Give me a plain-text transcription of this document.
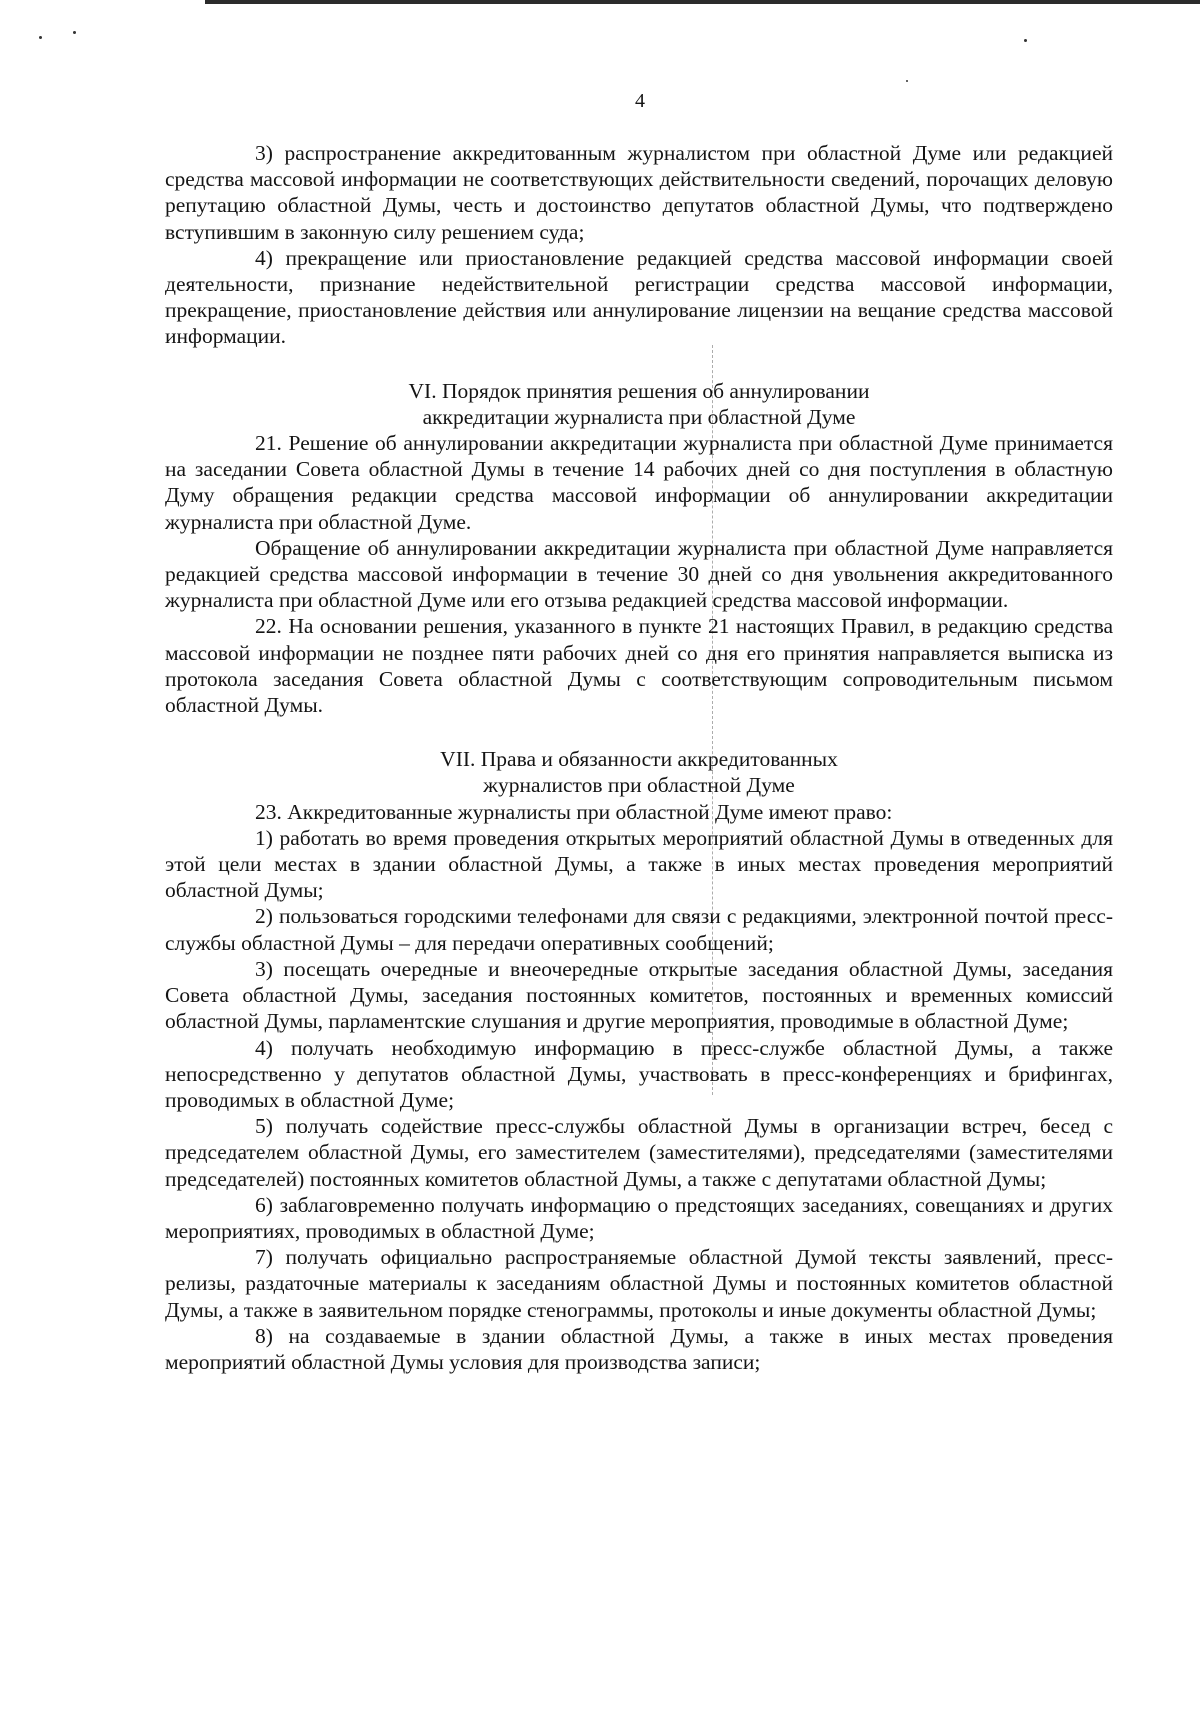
4

3) распространение аккредитованным журналистом при областной Думе или редакцией средства массовой информации не соответствующих действительности сведений, порочащих деловую репутацию областной Думы, честь и достоинство депутатов областной Думы, что подтверждено вступившим в законную силу решением суда;

4) прекращение или приостановление редакцией средства массовой информации своей деятельности, признание недействительной регистрации средства массовой информации, прекращение, приостановление действия или аннулирование лицензии на вещание средства массовой информации.

VI. Порядок принятия решения об аннулировании
аккредитации журналиста при областной Думе

21. Решение об аннулировании аккредитации журналиста при областной Думе принимается на заседании Совета областной Думы в течение 14 рабочих дней со дня поступления в областную Думу обращения редакции средства массовой информации об аннулировании аккредитации журналиста при областной Думе.

Обращение об аннулировании аккредитации журналиста при областной Думе направляется редакцией средства массовой информации в течение 30 дней со дня увольнения аккредитованного журналиста при областной Думе или его отзыва редакцией средства массовой информации.

22. На основании решения, указанного в пункте 21 настоящих Правил, в редакцию средства массовой информации не позднее пяти рабочих дней со дня его принятия направляется выписка из протокола заседания Совета областной Думы с соответствующим сопроводительным письмом областной Думы.

VII. Права и обязанности аккредитованных
журналистов при областной Думе

23. Аккредитованные журналисты при областной Думе имеют право:

1) работать во время проведения открытых мероприятий областной Думы в отведенных для этой цели местах в здании областной Думы, а также в иных местах проведения мероприятий областной Думы;

2) пользоваться городскими телефонами для связи с редакциями, электронной почтой пресс-службы областной Думы – для передачи оперативных сообщений;

3) посещать очередные и внеочередные открытые заседания областной Думы, заседания Совета областной Думы, заседания постоянных комитетов, постоянных и временных комиссий областной Думы, парламентские слушания и другие мероприятия, проводимые в областной Думе;

4) получать необходимую информацию в пресс-службе областной Думы, а также непосредственно у депутатов областной Думы, участвовать в пресс-конференциях и брифингах, проводимых в областной Думе;

5) получать содействие пресс-службы областной Думы в организации встреч, бесед с председателем областной Думы, его заместителем (заместителями), председателями (заместителями председателей) постоянных комитетов областной Думы, а также с депутатами областной Думы;

6) заблаговременно получать информацию о предстоящих заседаниях, совещаниях и других мероприятиях, проводимых в областной Думе;

7) получать официально распространяемые областной Думой тексты заявлений, пресс-релизы, раздаточные материалы к заседаниям областной Думы и постоянных комитетов областной Думы, а также в заявительном порядке стенограммы, протоколы и иные документы областной Думы;

8) на создаваемые в здании областной Думы, а также в иных местах проведения мероприятий областной Думы условия для производства записи;
